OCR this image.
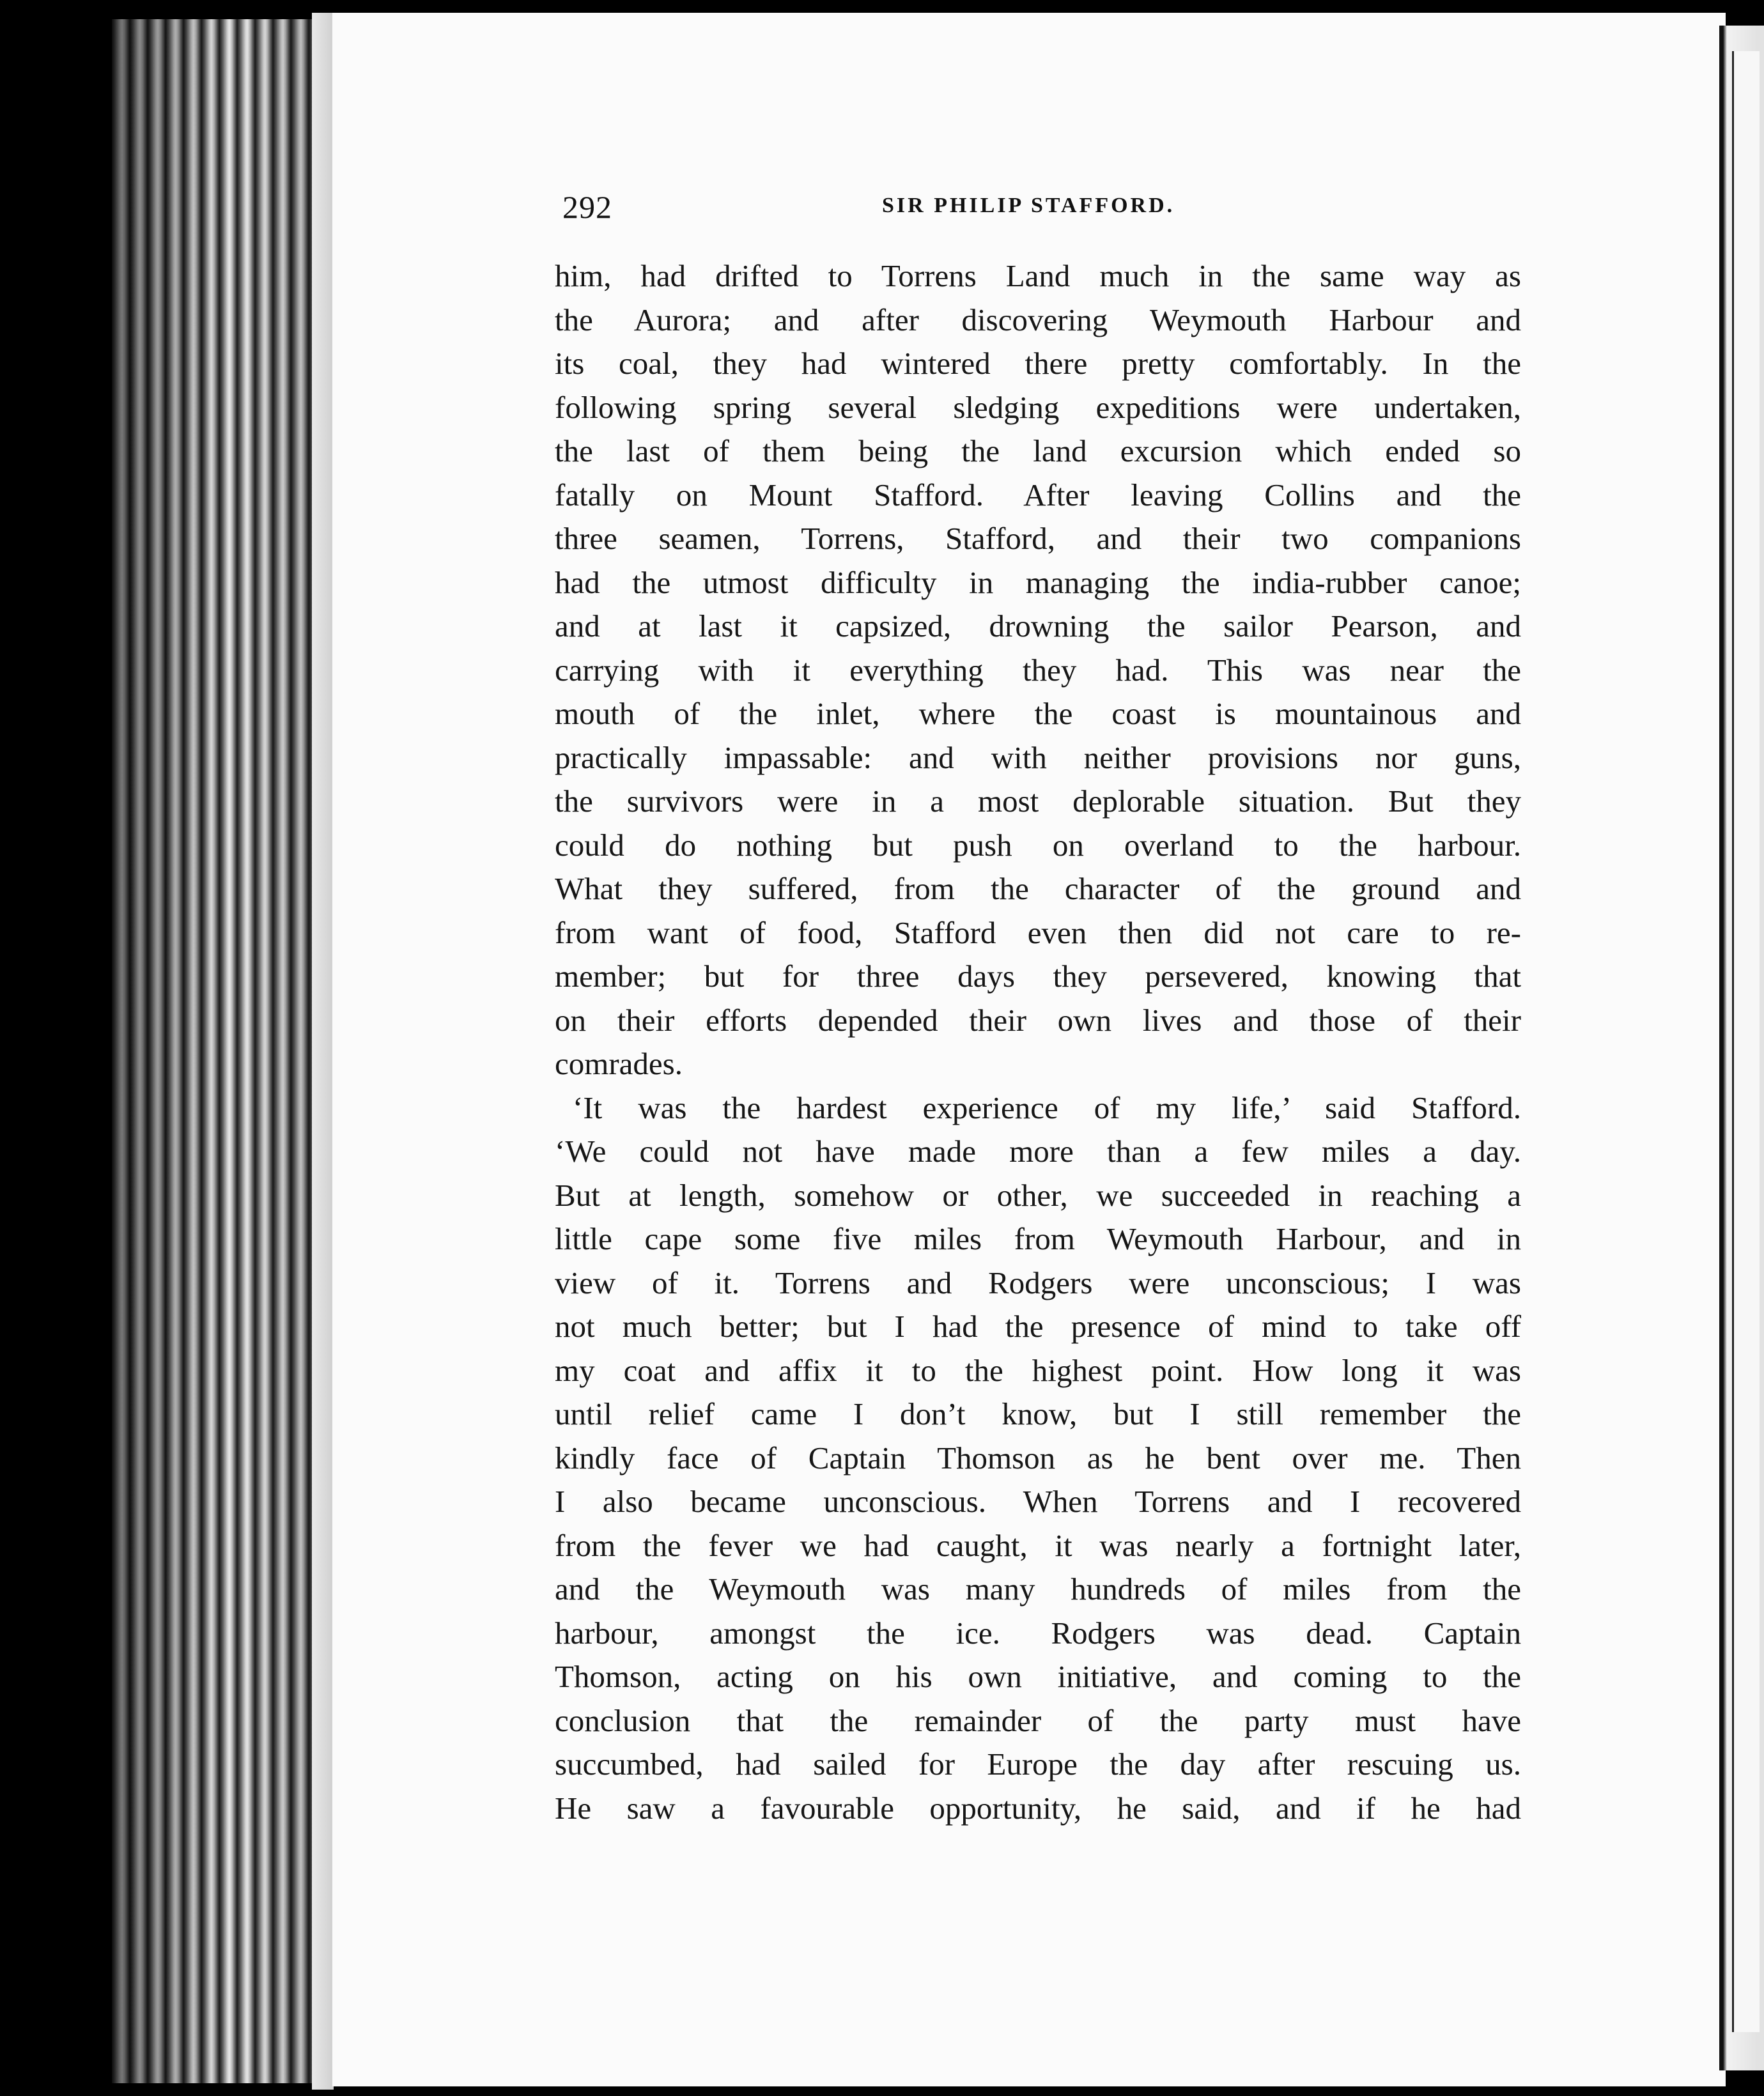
292	SIR PHILIP STAFFORD.
him, had drifted to Torrens Land much in the same way as
the Aurora; and after discovering Weymouth Harbour and
its coal, they had wintered there pretty comfortably. In the
following spring several sledging expeditions were undertaken,
the last of them being the land excursion which ended so
fatally on Mount Stafford. After leaving Collins and the
three seamen, Torrens, Stafford, and their two companions
had the utmost difficulty in managing the india-rubber canoe;
and at last it capsized, drowning the sailor Pearson, and
carrying with it everything they had. This was near the
mouth of the inlet, where the coast is mountainous and
practically impassable: and with neither provisions nor guns,
the survivors were in a most deplorable situation. But they
could do nothing but push on overland to the harbour.
What they suffered, from the character of the ground and
from want of food, Stafford even then did not care to re-
member; but for three days they persevered, knowing that
on their efforts depended their own lives and those of their
comrades.
‘It was the hardest experience of my life,’ said Stafford.
‘We could not have made more than a few miles a day.
But at length, somehow or other, we succeeded in reaching a
little cape some five miles from Weymouth Harbour, and in
view of it. Torrens and Rodgers were unconscious; I was
not much better; but I had the presence of mind to take off
my coat and affix it to the highest point. How long it was
until relief came I don’t know, but I still remember the
kindly face of Captain Thomson as he bent over me. Then
I also became unconscious. When Torrens and I recovered
from the fever we had caught, it was nearly a fortnight later,
and the Weymouth was many hundreds of miles from the
harbour, amongst the ice. Rodgers was dead. Captain
Thomson, acting on his own initiative, and coming to the
conclusion that the remainder of the party must have
succumbed, had sailed for Europe the day after rescuing us.
He saw a favourable opportunity, he said, and if he had
